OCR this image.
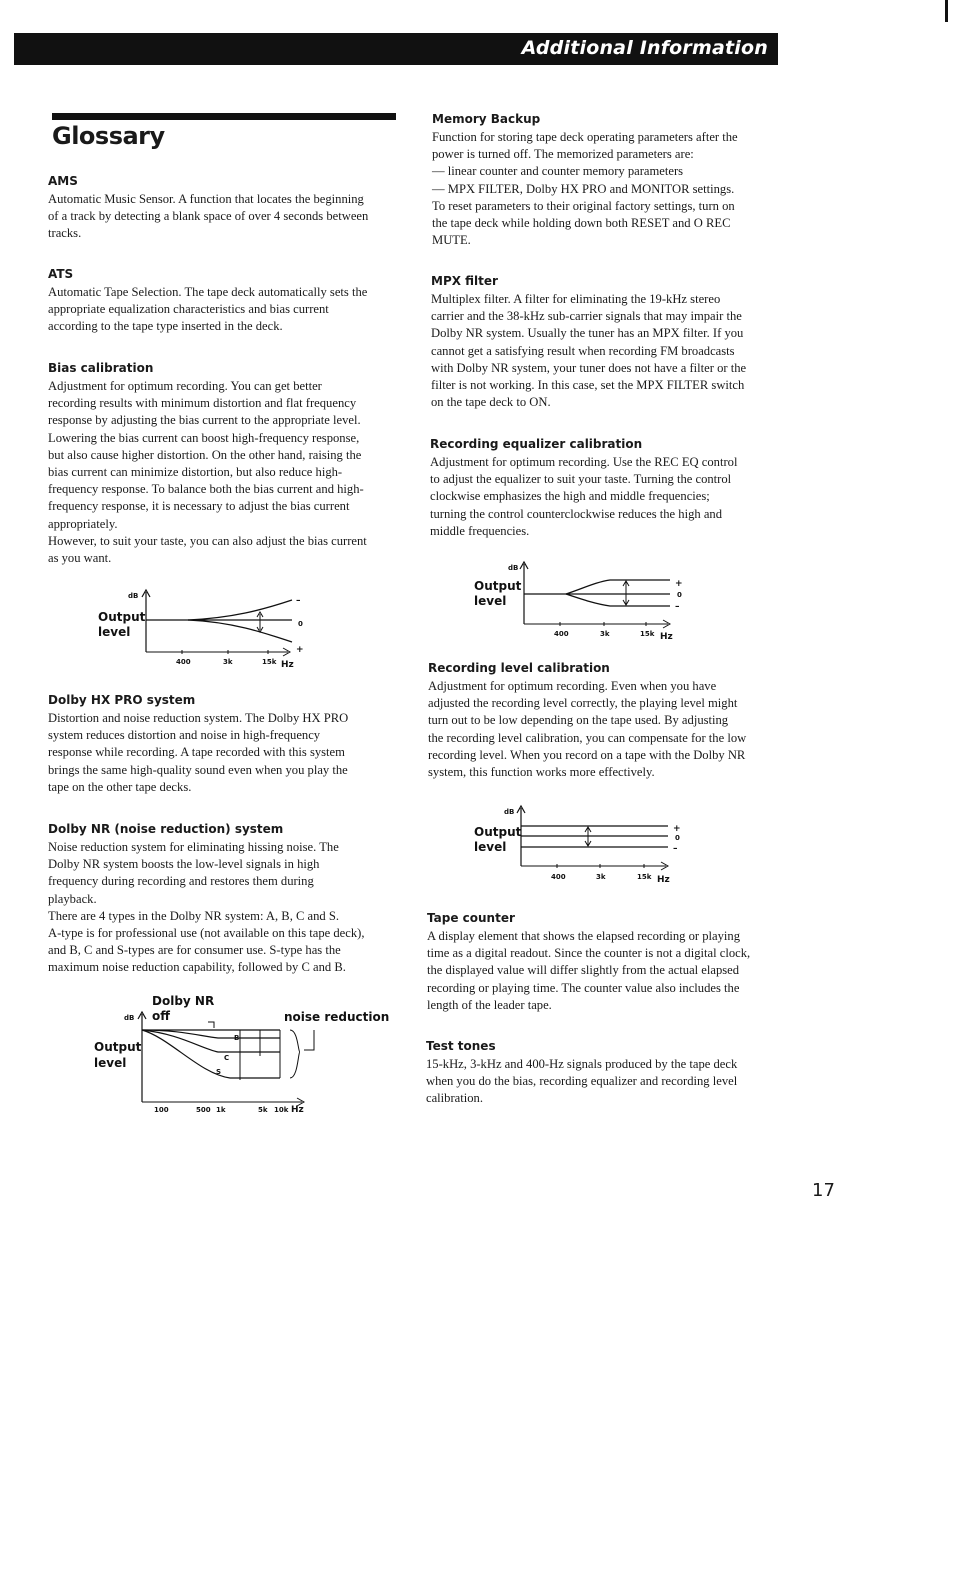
Additional Information
Glossary
AMS

Automatic Music Sensor. A function that locates the beginning
of a track by detecting a blank space of over 4 seconds between
tracks.

ATS

Automatic Tape Selection. The tape deck automatically sets the
appropriate equalization characteristics and bias current
according to the tape type inserted in the deck.

Bias calibration

Adjustment for optimum recording. You can get better
recording results with minimum distortion and flat frequency
response by adjusting the bias current to the appropriate level.
Lowering the bias current can boost high-frequency response,
but also cause higher distortion. On the other hand, raising the
bias current can minimize distortion, but also reduce high-
frequency response. To balance both the bias current and high-
frequency response, it is necessary to adjust the bias current
appropriately.
However, to suit your taste, you can also adjust the bias current
as you want.

dB
Output
level
–
0
+
400	3k	15k Hz
Dolby HX PRO system

Distortion and noise reduction system. The Dolby HX PRO
system reduces distortion and noise in high-frequency
response while recording. A tape recorded with this system
brings the same high-quality sound even when you play the
tape on the other tape decks.

Dolby NR (noise reduction) system

Noise reduction system for eliminating hissing noise. The
Dolby NR system boosts the low-level signals in high
frequency during recording and restores them during
playback.
There are 4 types in the Dolby NR system: A, B, C and S.
A-type is for professional use (not available on this tape deck),
and B, C and S-types are for consumer use. S-type has the
maximum noise reduction capability, followed by C and B.

Dolby NR
dB off	noise reduction
Output
level
B
C
S
100	500 1k	5k 10k Hz
Memory Backup

Function for storing tape deck operating parameters after the
power is turned off. The memorized parameters are:
— linear counter and counter memory parameters
— MPX FILTER, Dolby HX PRO and MONITOR settings.
To reset parameters to their original factory settings, turn on
the tape deck while holding down both RESET and O REC
MUTE.

MPX filter

Multiplex filter. A filter for eliminating the 19-kHz stereo
carrier and the 38-kHz sub-carrier signals that may impair the
Dolby NR system. Usually the tuner has an MPX filter. If you
cannot get a satisfying result when recording FM broadcasts
with Dolby NR system, your tuner does not have a filter or the
filter is not working. In this case, set the MPX FILTER switch
on the tape deck to ON.

Recording equalizer calibration

Adjustment for optimum recording. Use the REC EQ control
to adjust the equalizer to suit your taste. Turning the control
clockwise emphasizes the high and middle frequencies;
turning the control counterclockwise reduces the high and
middle frequencies.

dB
Output
level
+
0
–
400	3k	15k Hz
Recording level calibration

Adjustment for optimum recording. Even when you have
adjusted the recording level correctly, the playing level might
turn out to be low depending on the tape used. By adjusting
the recording level calibration, you can compensate for the low
recording level. When you record on a tape with the Dolby NR
system, this function works more effectively.

dB
Output
level
+
0
–
400	3k	15k Hz
Tape counter

A display element that shows the elapsed recording or playing
time as a digital readout. Since the counter is not a digital clock,
the displayed value will differ slightly from the actual elapsed
recording or playing time. The counter value also includes the
length of the leader tape.

Test tones

15-kHz, 3-kHz and 400-Hz signals produced by the tape deck
when you do the bias, recording equalizer and recording level
calibration.

17
